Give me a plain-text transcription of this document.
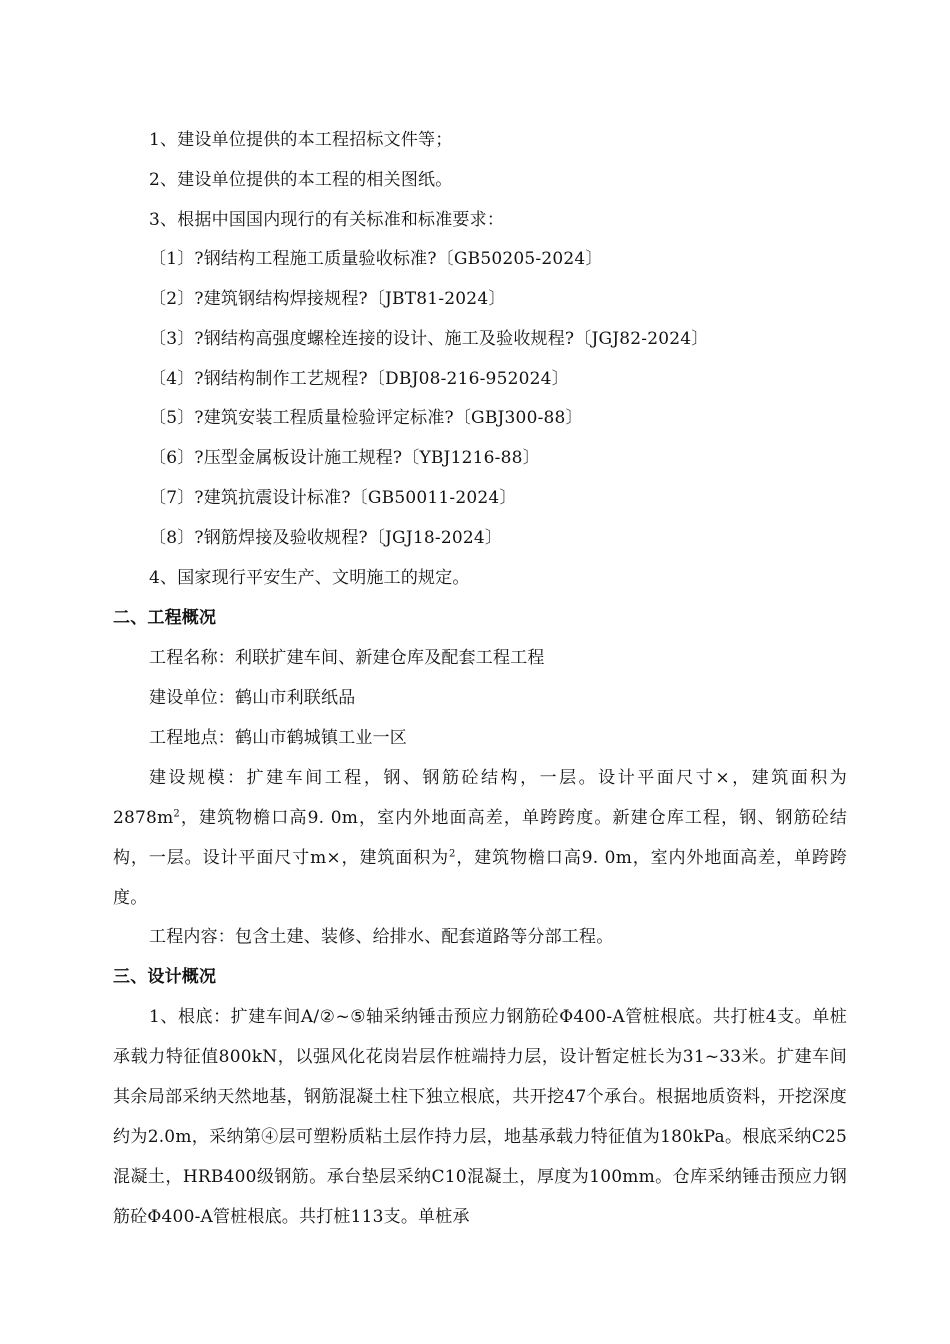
1、建设单位提供的本工程招标文件等；
2、建设单位提供的本工程的相关图纸。
3、根据中国国内现行的有关标准和标准要求：
〔1〕?钢结构工程施工质量验收标准?〔GB50205-2024〕
〔2〕?建筑钢结构焊接规程?〔JBT81-2024〕
〔3〕?钢结构高强度螺栓连接的设计、施工及验收规程?〔JGJ82-2024〕
〔4〕?钢结构制作工艺规程?〔DBJ08-216-952024〕
〔5〕?建筑安装工程质量检验评定标准?〔GBJ300-88〕
〔6〕?压型金属板设计施工规程?〔YBJ1216-88〕
〔7〕?建筑抗震设计标准?〔GB50011-2024〕
〔8〕?钢筋焊接及验收规程?〔JGJ18-2024〕
4、国家现行平安生产、文明施工的规定。
二、工程概况
工程名称：利联扩建车间、新建仓库及配套工程工程
建设单位：鹤山市利联纸品
工程地点：鹤山市鹤城镇工业一区
建设规模：扩建车间工程，钢、钢筋砼结构，一层。设计平面尺寸×，建筑面积为$2878m^2$，建筑物檐口高9. 0m，室内外地面高差，单跨跨度。新建仓库工程，钢、钢筋砼结构，一层。设计平面尺寸m×，建筑面积为$^2$，建筑物檐口高9. 0m，室内外地面高差，单跨跨度。
工程内容：包含土建、装修、给排水、配套道路等分部工程。
三、设计概况
1、根底：扩建车间A/②~⑤轴采纳锤击预应力钢筋砼Φ400-A管桩根底。共打桩4支。单桩承载力特征值800kN，以强风化花岗岩层作桩端持力层，设计暂定桩长为31~33米。扩建车间其余局部采纳天然地基，钢筋混凝土柱下独立根底，共开挖47个承台。根据地质资料，开挖深度约为2.0m，采纳第④层可塑粉质粘土层作持力层，地基承载力特征值为180kPa。根底采纳C25混凝土，HRB400级钢筋。承台垫层采纳C10混凝土，厚度为100mm。仓库采纳锤击预应力钢筋砼Φ400-A管桩根底。共打桩113支。单桩承
